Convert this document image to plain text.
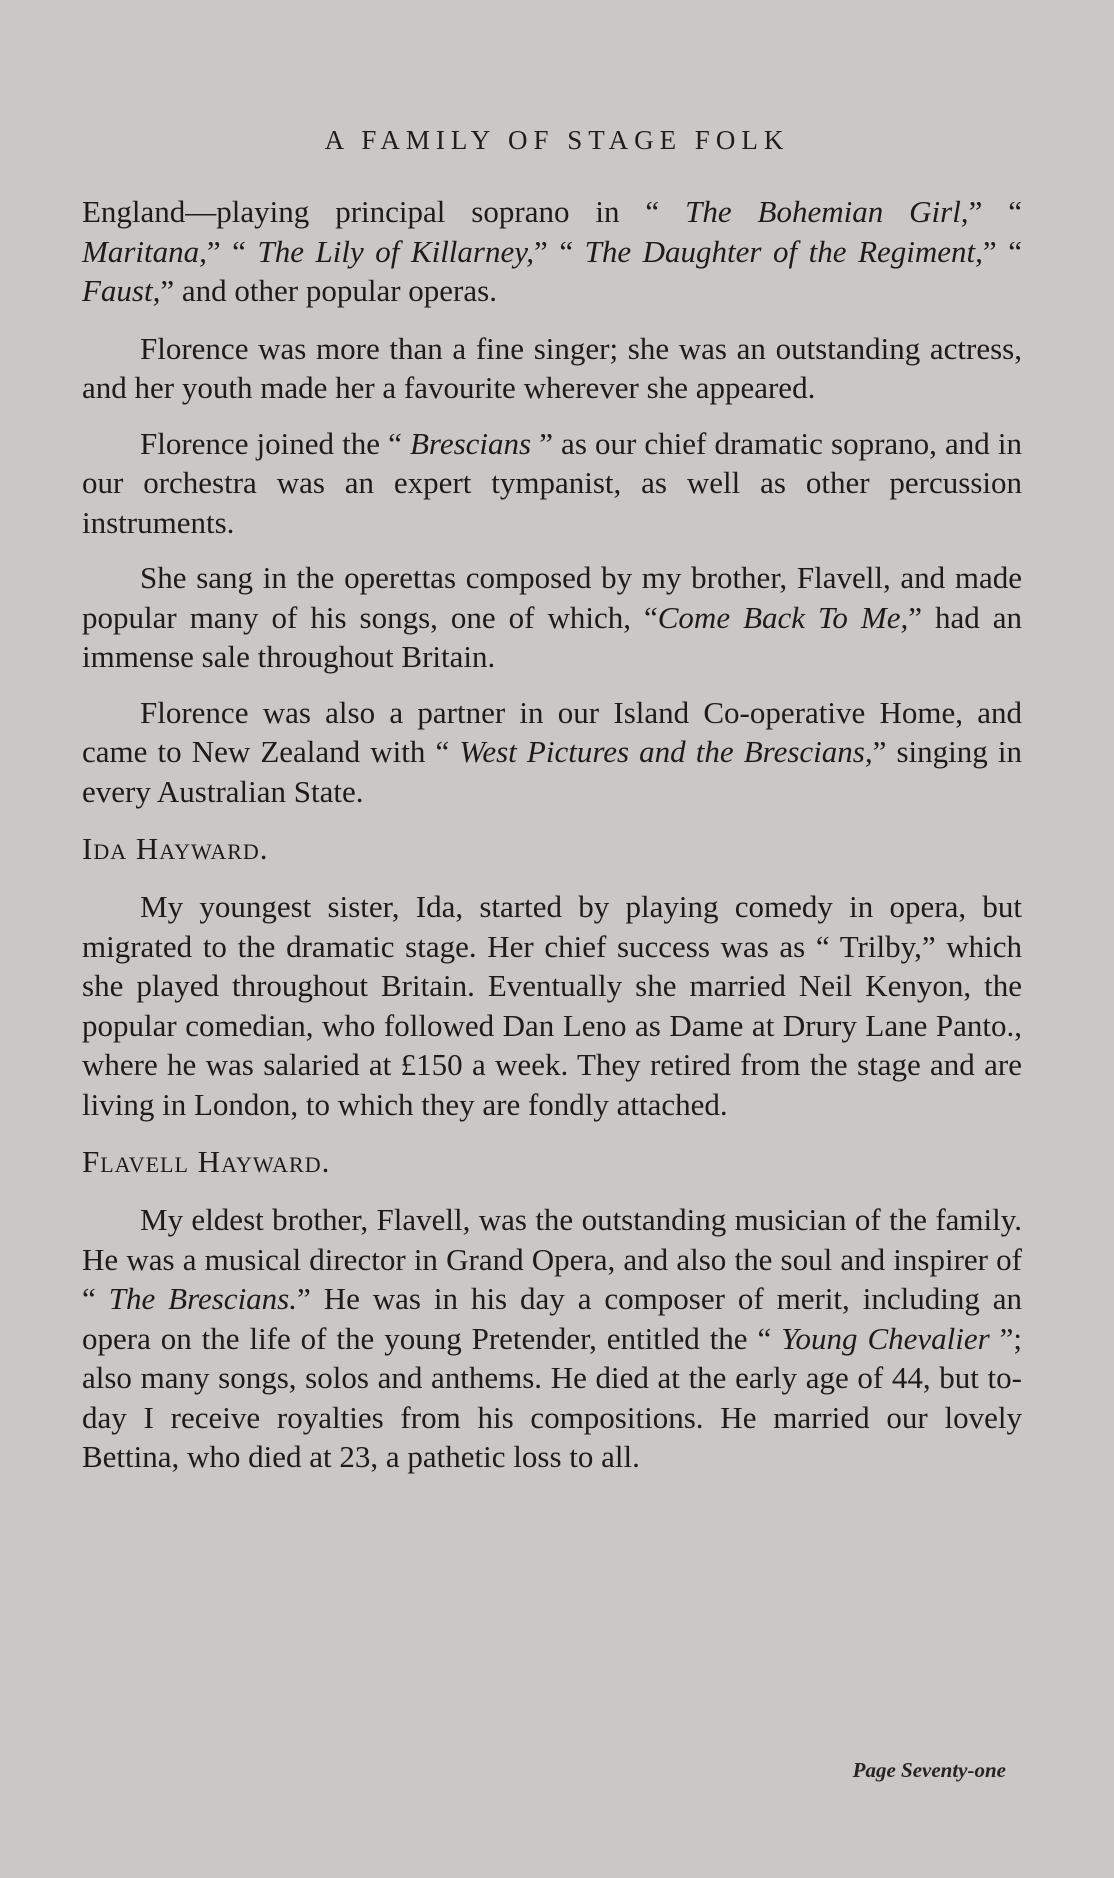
A FAMILY OF STAGE FOLK

England—playing principal soprano in “ The Bohemian Girl,” “ Maritana,” “ The Lily of Killarney,” “ The Daughter of the Regiment,” “ Faust,” and other popular operas.

Florence was more than a fine singer; she was an outstanding actress, and her youth made her a favourite wherever she appeared.

Florence joined the “ Brescians ” as our chief dramatic soprano, and in our orchestra was an expert tympanist, as well as other percussion instruments.

She sang in the operettas composed by my brother, Flavell, and made popular many of his songs, one of which, “Come Back To Me,” had an immense sale throughout Britain.

Florence was also a partner in our Island Co-operative Home, and came to New Zealand with “ West Pictures and the Brescians,” singing in every Australian State.

Ida Hayward.

My youngest sister, Ida, started by playing comedy in opera, but migrated to the dramatic stage. Her chief success was as “ Trilby,” which she played throughout Britain. Eventually she married Neil Kenyon, the popular comedian, who followed Dan Leno as Dame at Drury Lane Panto., where he was salaried at £150 a week. They retired from the stage and are living in London, to which they are fondly attached.

Flavell Hayward.

My eldest brother, Flavell, was the outstanding musician of the family. He was a musical director in Grand Opera, and also the soul and inspirer of “ The Brescians.” He was in his day a composer of merit, including an opera on the life of the young Pretender, entitled the “ Young Chevalier ”; also many songs, solos and anthems. He died at the early age of 44, but to-day I receive royalties from his compositions. He married our lovely Bettina, who died at 23, a pathetic loss to all.

Page Seventy-one
